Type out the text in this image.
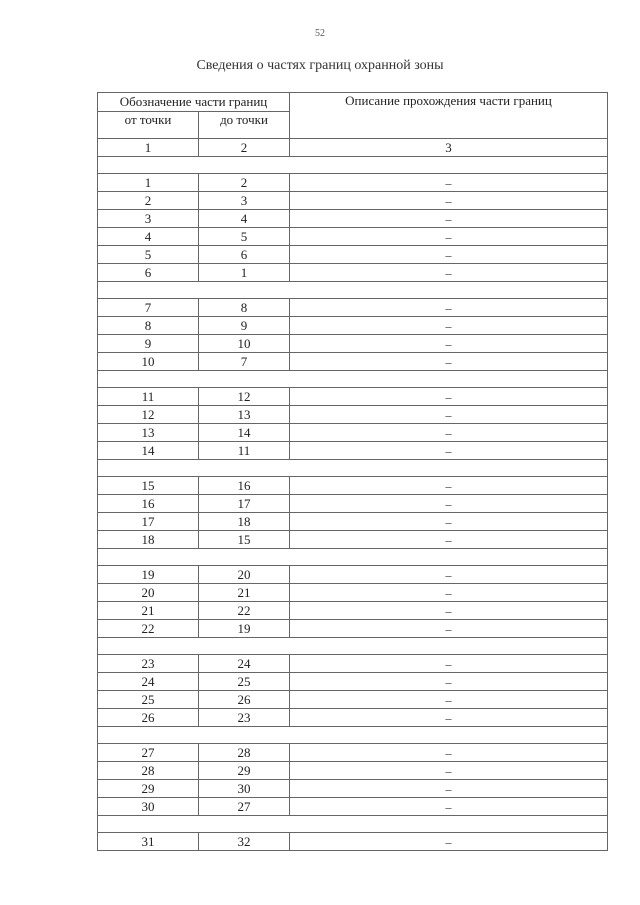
52
Сведения о частях границ охранной зоны
Обозначение части границ		Описание прохождения части границ
от точки	до точки	
1	2	3

1	2	–
2	3	–
3	4	–
4	5	–
5	6	–
6	1	–

7	8	–
8	9	–
9	10	–
10	7	–

11	12	–
12	13	–
13	14	–
14	11	–

15	16	–
16	17	–
17	18	–
18	15	–

19	20	–
20	21	–
21	22	–
22	19	–

23	24	–
24	25	–
25	26	–
26	23	–

27	28	–
28	29	–
29	30	–
30	27	–

31	32	–
